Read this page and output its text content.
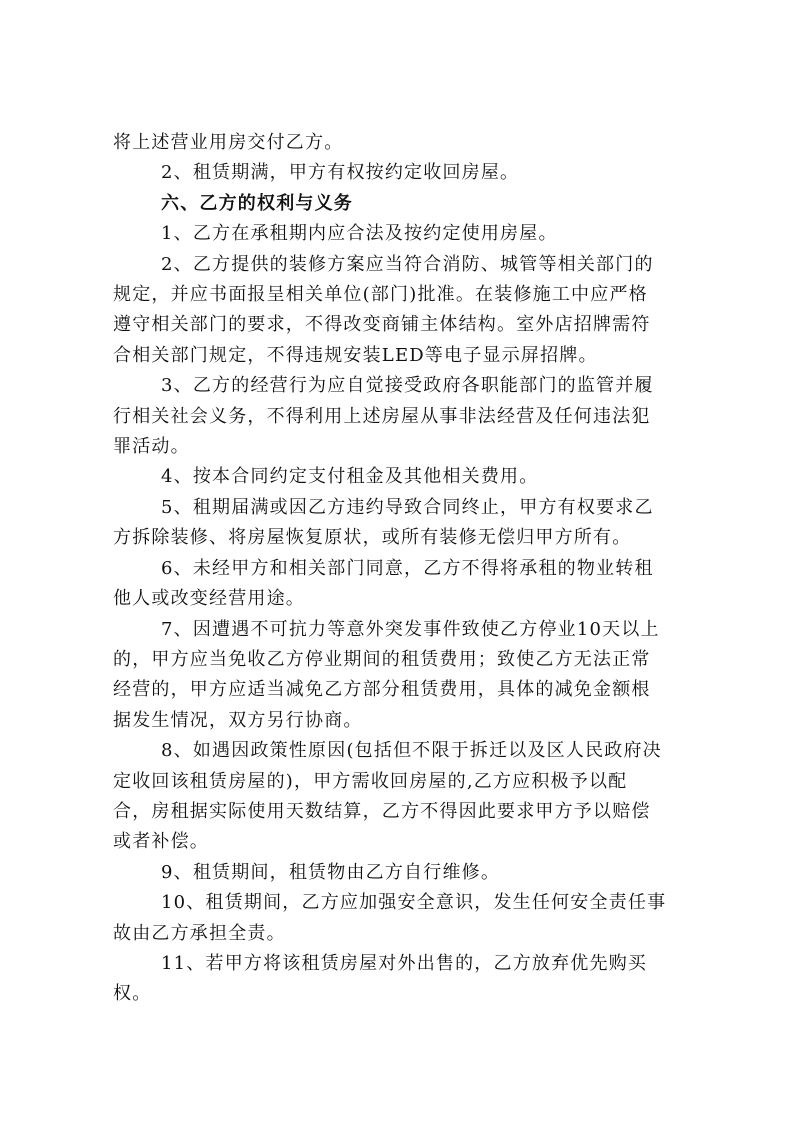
将上述营业用房交付乙方。
2、租赁期满，甲方有权按约定收回房屋。
六、乙方的权利与义务
1、乙方在承租期内应合法及按约定使用房屋。
2、乙方提供的装修方案应当符合消防、城管等相关部门的
规定，并应书面报呈相关单位(部门)批准。在装修施工中应严格
遵守相关部门的要求，不得改变商铺主体结构。室外店招牌需符
合相关部门规定，不得违规安装LED等电子显示屏招牌。
3、乙方的经营行为应自觉接受政府各职能部门的监管并履
行相关社会义务，不得利用上述房屋从事非法经营及任何违法犯
罪活动。
4、按本合同约定支付租金及其他相关费用。
5、租期届满或因乙方违约导致合同终止，甲方有权要求乙
方拆除装修、将房屋恢复原状，或所有装修无偿归甲方所有。
6、未经甲方和相关部门同意，乙方不得将承租的物业转租
他人或改变经营用途。
7、因遭遇不可抗力等意外突发事件致使乙方停业10天以上
的，甲方应当免收乙方停业期间的租赁费用；致使乙方无法正常
经营的，甲方应适当减免乙方部分租赁费用，具体的减免金额根
据发生情况，双方另行协商。
8、如遇因政策性原因(包括但不限于拆迁以及区人民政府决
定收回该租赁房屋的)，甲方需收回房屋的,乙方应积极予以配
合，房租据实际使用天数结算，乙方不得因此要求甲方予以赔偿
或者补偿。
9、租赁期间，租赁物由乙方自行维修。
10、租赁期间，乙方应加强安全意识，发生任何安全责任事
故由乙方承担全责。
11、若甲方将该租赁房屋对外出售的，乙方放弃优先购买
权。
